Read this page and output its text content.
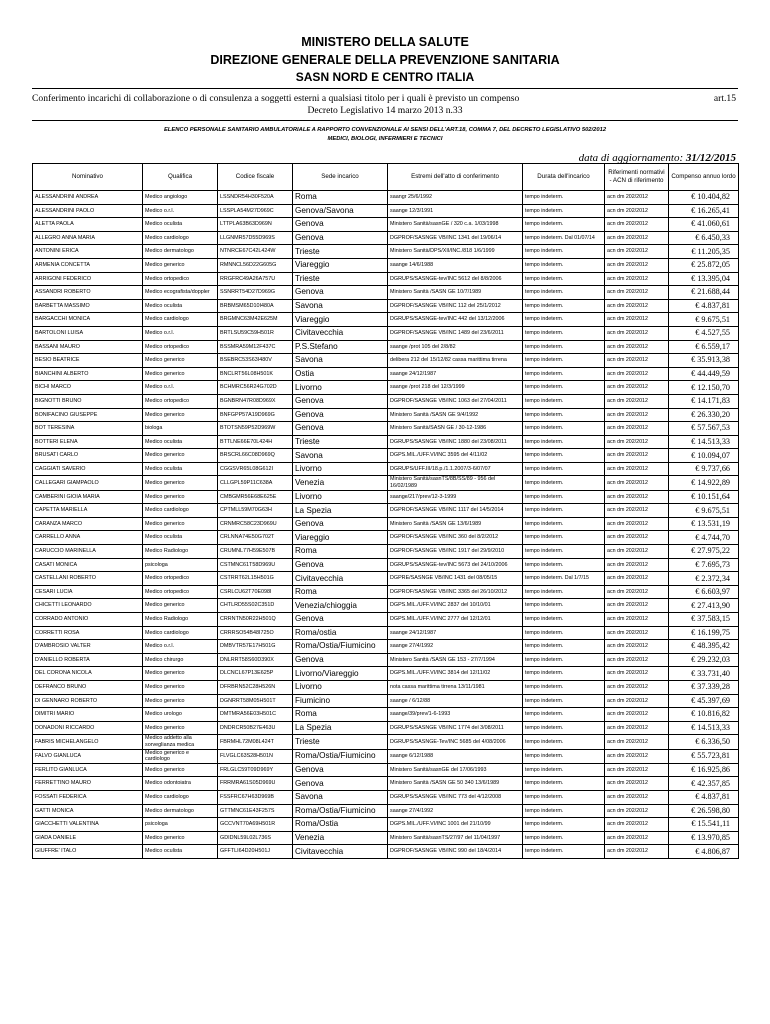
MINISTERO DELLA SALUTE
DIREZIONE GENERALE DELLA PREVENZIONE SANITARIA
SASN NORD E CENTRO ITALIA
Conferimento incarichi di collaborazione o di consulenza a soggetti esterni a qualsiasi titolo per i quali è previsto un compenso
Decreto Legislativo 14 marzo 2013 n.33
art.15
ELENCO PERSONALE SANITARIO AMBULATORIALE A RAPPORTO CONVENZIONALE AI SENSI DELL'ART.18, COMMA 7, DEL DECRETO LEGISLATIVO 502/2012
MEDICI, BIOLOGI, INFERMIERI E TECNICI
data di aggiornamento: 31/12/2015
Nominativo	Qualifica	Codice fiscale	Sede incarico	Estremi dell'atto di conferimento	Durata dell'incarico	Riferimenti normativi - ACN di riferimento	Compenso annuo lordo
ALESSANDRINI ANDREA	Medico angiologo	LSSNDR54H30F520A	Roma	saangr 25/6/1992	tempo indeterm.	acn dm 202/2012	€ 10.404,82
ALESSANDRINI PAOLO	Medico o.r.l.	LSSPLA54M27D969C	Genova/Savona	saange 12/3/1991	tempo indeterm.	acn dm 202/2012	€ 16.265,41
ALETTA PAOLA	Medico oculista	LTTPLA63B63D969N	Genova	Ministero Sanità/sasnGE / 320 c.a. 1/03/1998	tempo indeterm.	acn dm 202/2012	€ 41.060,61
ALLEGRO ANNA MARIA	Medico cardiologo	LLGNMR57D55D969S	Genova	DGPROF/SASNGE VB/INC 1341 del 19/06/14	tempo indeterm. Dal 01/07/14	acn dm 202/2012	€ 6.450,33
ANTONINI ERICA	Medico dermatologo	NTNRCE67C42L424W	Trieste	Ministero Sanità/DPS/XII/INC./818 1/6/1999	tempo indeterm.	acn dm 202/2012	€ 11.205,35
ARMENIA CONCETTA	Medico generico	RMNNCL56D22G605G	Viareggio	saange 14/6/1988	tempo indeterm.	acn dm 202/2012	€ 25.872,05
ARRIGONI FEDERICO	Medico ortopedico	RRGFRC49A26A757U	Trieste	DGRUPS/SASNGE-tev/INC 5612 del 8/8/2006	tempo indeterm.	acn dm 202/2012	€ 13.395,04
ASSANDRI ROBERTO	Medico ecografista/doppler	SSNRRT54D27D969G	Genova	Ministero Sanità /SASN GE 10/7/1989	tempo indeterm.	acn dm 202/2012	€ 21.688,44
BARBETTA MASSIMO	Medico oculista	BRBMSM65D10I480A	Savona	DGPROF/SASNGE VB/INC 112 del 25/1/2012	tempo indeterm.	acn dm 202/2012	€ 4.837,81
BARGACCHI MONICA	Medico cardiologo	BRGMNC63M42E625M	Viareggio	DGRUPS/SASNGE-tev/INC 442 del 13/12/2006	tempo indeterm.	acn dm 202/2012	€ 9.675,51
BARTOLONI LUISA	Medico o.r.l.	BRTLSU59C59H501R	Civitavecchia	DGPROF/SASNGE VB/INC 1489 del 23/6/2011	tempo indeterm.	acn dm 202/2012	€ 4.527,55
BASSANI MAURO	Medico ortopedico	BSSMRA59M12F437C	P.S.Stefano	saange /prot 105 del 2/8/82	tempo indeterm.	acn dm 202/2012	€ 6.559,17
BESIO BEATRICE	Medico generico	BSEBRC53S63I480V	Savona	delibera 212 del 15/12/82 cassa marittima tirrena	tempo indeterm.	acn dm 202/2012	€ 35.913,38
BIANCHINI ALBERTO	Medico generico	BNCLRT56L08H501K	Ostia	saange 24/12/1987	tempo indeterm.	acn dm 202/2012	€ 44.449,59
BICHI MARCO	Medico o.r.l.	BCHMRC56R24G702D	Livorno	saange /prot 218 del 12/3/1999	tempo indeterm.	acn dm 202/2012	€ 12.150,70
BIGNOTTI BRUNO	Medico ortopedico	BGNBRN47R08D969X	Genova	DGPROF/SASNGE VB/INC 1063 del 27/04/2011	tempo indeterm.	acn dm 202/2012	€ 14.171,83
BONIFACINO GIUSEPPE	Medico generico	BNFGPP57A19D969G	Genova	Ministero Sanità /SASN GE 9/4/1992	tempo indeterm.	acn dm 202/2012	€ 26.330,20
BOT TERESINA	biologa	BTOTSN59P52D969W	Genova	Ministero Sanità/SASN GE / 30-12-1986	tempo indeterm.	acn dm 202/2012	€ 57.567,53
BOTTERI ELENA	Medico oculista	BTTLNE66E70L424H	Trieste	DGRUPS/SASNGE VB/INC 1880 del 23/08/2011	tempo indeterm.	acn dm 202/2012	€ 14.513,33
BRUSATI CARLO	Medico generico	BRSCRL66C08D969Q	Savona	DGPS.MIL./UFF.VI/INC 3595 del 4/11/02	tempo indeterm.	acn dm 202/2012	€ 10.094,07
CAGGIATI SAVERIO	Medico oculista	CGGSVR65L08G612I	Livorno	DGRUPS/UFF.III/18.p./1.1.2007/3-6/07/07	tempo indeterm.	acn dm 202/2012	€ 9.737,66
CALLEGARI GIAMPAOLO	Medico generico	CLLGPL59P11C638A	Venezia	Ministero Sanità/sasnTS/8B/SS/89 - 956 del 16/02/1989	tempo indeterm.	acn dm 202/2012	€ 14.922,89
CAMBERINI GIOIA MARIA	Medico generico	CMBGMR56E68E625E	Livorno	saange/217/prev/12-3-1999	tempo indeterm.	acn dm 202/2012	€ 10.151,64
CAPETTA MARIELLA	Medico cardiologo	CPTMLL59M70G63H	La Spezia	DGPROF/SASNGE VB/INC 1117 del 14/5/2014	tempo indeterm.	acn dm 202/2012	€ 9.675,51
CARANZA MARCO	Medico generico	CRNMRC58C23D969U	Genova	Ministero Sanità /SASN GE 13/6/1989	tempo indeterm.	acn dm 202/2012	€ 13.531,19
CARRELLO ANNA	Medico oculista	CRLNNA74E50G702T	Viareggio	DGPROF/SASNGE VB/INC 360 del 8/2/2012	tempo indeterm.	acn dm 202/2012	€ 4.744,70
CARUCCIO MARINELLA	Medico Radiologo	CRUMNL77H59E507B	Roma	DGPROF/SASNGE VB/INC 1917 del 29/9/2010	tempo indeterm.	acn dm 202/2012	€ 27.975,22
CASATI MONICA	psicologa	CSTMNC61T58D969U	Genova	DGRUPS/SASNGE-tev/INC 5673 del 24/10/2006	tempo indeterm.	acn dm 202/2012	€ 7.695,73
CASTELLANI ROBERTO	Medico ortopedico	CSTRRT62L15H501G	Civitavecchia	DGPRE/SASNGE VB/INC 1431 del 08/05/15	tempo indeterm. Dal 1/7/15	acn dm 202/2012	€ 2.372,34
CESARI LUCIA	Medico ortopedico	CSRLCU62T70E098I	Roma	DGPROF/SASNGE VB/INC 3365 del 26/10/2012	tempo indeterm.	acn dm 202/2012	€ 6.603,97
CHICETTI LEONARDO	Medico generico	CHTLRD55S02C351D	Venezia/chioggia	DGPS.MIL./UFF.VI/INC 2837 del 10/10/01	tempo indeterm.	acn dm 202/2012	€ 27.413,90
CORRADO ANTONIO	Medico Radiologo	CRRNTN50R22H501Q	Genova	DGPS.MIL./UFF.VI/INC 2777 del 12/12/01	tempo indeterm.	acn dm 202/2012	€ 37.583,15
CORRETTI ROSA	Medico cardiologo	CRRRSO54B48I725O	Roma/ostia	saange 24/12/1987	tempo indeterm.	acn dm 202/2012	€ 16.199,75
D'AMBROSIO VALTER	Medico o.r.l.	DMBVTR57E17H501G	Roma/Ostia/Fiumicino	saange 27/4/1992	tempo indeterm.	acn dm 202/2012	€ 48.395,42
D'ANIELLO ROBERTA	Medico chirurgo	DNLRRT58S60D390X	Genova	Ministero Sanità /SASN GE 153 - 27/7/1994	tempo indeterm.	acn dm 202/2012	€ 29.232,03
DEL CORONA NICOLA	Medico generico	DLCNCL67P13E625P	Livorno/Viareggio	DGPS.MIL./UFF.VI/INC 3814 del 12/11/02	tempo indeterm.	acn dm 202/2012	€ 33.731,40
DEFRANCO BRUNO	Medico generico	DFRBRN52C28H526N	Livorno	nota cassa marittima tirrena 13/11/1981	tempo indeterm.	acn dm 202/2012	€ 37.339,28
DI GENNARO ROBERTO	Medico generico	DGNRRT58M05H501T	Fiumicino	saange / 6/12/88	tempo indeterm.	acn dm 202/2012	€ 45.397,69
DIMITRI MARIO	Medico urologo	DMTMRA56E03H501C	Roma	saange/39/prev/1-6-1993	tempo indeterm.	acn dm 202/2012	€ 10.816,82
DONADONI RICCARDO	Medico generico	DNDRCR50B27E463U	La Spezia	DGRUPS/SASNGE VB/INC 1774 del 3/08/2011	tempo indeterm.	acn dm 202/2012	€ 14.513,33
FABRIS MICHELANGELO	Medico addetto alla sorveglianza medica	FBRMHL72M08L424T	Trieste	DGRUPS/SASNGE-Tev/INC 5685 del 4/08/2006	tempo indeterm.	acn dm 202/2012	€ 6.336,50
FALVO GIANLUCA	Medico generico e cardiologo	FLVGLC63S28H501N	Roma/Ostia/Fiumicino	saange 6/12/1988	tempo indeterm.	acn dm 202/2012	€ 55.723,81
FERLITO GIANLUCA	Medico generico	FRLGLC59T09D969Y	Genova	Ministero Sanità/sasnGE del 17/06/1993	tempo indeterm.	acn dm 202/2012	€ 16.925,86
FERRETTINO MAURO	Medico odontoiatra	FRRMRA61S05D969U	Genova	Ministero Sanità /SASN GE 50 340 13/6/1989	tempo indeterm.	acn dm 202/2012	€ 42.357,85
FOSSATI FEDERICA	Medico cardiologo	FSSFRC67H63D969B	Savona	DGRUPS/SASNGE VB/INC 773 del 4/12/2008	tempo indeterm.	acn dm 202/2012	€ 4.837,81
GATTI MONICA	Medico dermatologo	GTTMNC61E43F257S	Roma/Ostia/Fiumicino	saange 27/4/1992	tempo indeterm.	acn dm 202/2012	€ 26.598,80
GIACCHETTI VALENTINA	psicologa	GCCVNT70A69H501R	Roma/Ostia	DGPS.MIL./UFF.VI/INC 1001 del 21/10/99	tempo indeterm.	acn dm 202/2012	€ 15.541,11
GIADA DANIELE	Medico generico	GDIDNL59L02L736S	Venezia	Ministero Sanità/sasnTS/27/97 del 11/04/1997	tempo indeterm.	acn dm 202/2012	€ 13.970,85
GIUFFRE' ITALO	Medico oculista	GFFTLI64D20H501J	Civitavecchia	DGPROF/SASNGE VB/INC 990 del 18/4/2014	tempo indeterm.	acn dm 202/2012	€ 4.806,87
